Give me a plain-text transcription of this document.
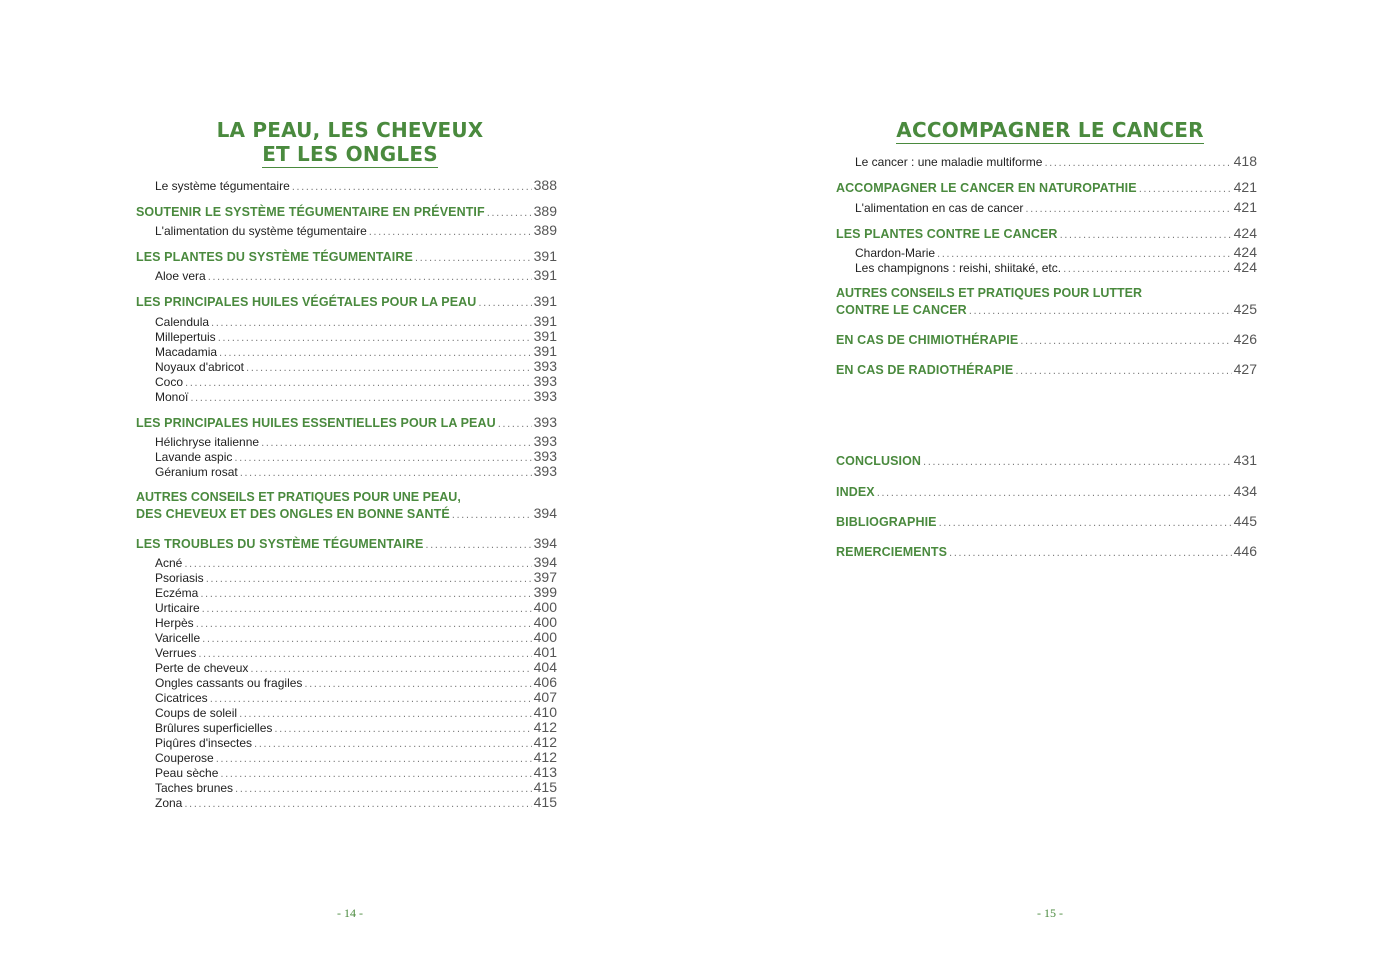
LA PEAU, LES CHEVEUX
ET LES ONGLES
Le système tégumentaire .....	388
SOUTENIR LE SYSTÈME TÉGUMENTAIRE EN PRÉVENTIF .....	389
L'alimentation du système tégumentaire .....	389
LES PLANTES DU SYSTÈME TÉGUMENTAIRE .....	391
Aloe vera .....	391
LES PRINCIPALES HUILES VÉGÉTALES POUR LA PEAU .....	391
Calendula .....	391
Millepertuis .....	391
Macadamia .....	391
Noyaux d'abricot .....	393
Coco .....	393
Monoï .....	393
LES PRINCIPALES HUILES ESSENTIELLES POUR LA PEAU .....	393
Hélichryse italienne .....	393
Lavande aspic .....	393
Géranium rosat .....	393
AUTRES CONSEILS ET PRATIQUES POUR UNE PEAU,
DES CHEVEUX ET DES ONGLES EN BONNE SANTÉ .....	394
LES TROUBLES DU SYSTÈME TÉGUMENTAIRE .....	394
Acné .....	394
Psoriasis .....	397
Eczéma .....	399
Urticaire .....	400
Herpès .....	400
Varicelle .....	400
Verrues .....	401
Perte de cheveux .....	404
Ongles cassants ou fragiles .....	406
Cicatrices .....	407
Coups de soleil .....	410
Brûlures superficielles .....	412
Piqûres d'insectes .....	412
Couperose .....	412
Peau sèche .....	413
Taches brunes .....	415
Zona .....	415
- 14 -
ACCOMPAGNER LE CANCER
Le cancer : une maladie multiforme .....	418
ACCOMPAGNER LE CANCER EN NATUROPATHIE .....	421
L'alimentation en cas de cancer .....	421
LES PLANTES CONTRE LE CANCER .....	424
Chardon-Marie .....	424
Les champignons : reishi, shiitaké, etc. .....	424
AUTRES CONSEILS ET PRATIQUES POUR LUTTER
CONTRE LE CANCER .....	425
EN CAS DE CHIMIOTHÉRAPIE .....	426
EN CAS DE RADIOTHÉRAPIE .....	427
CONCLUSION .....	431
INDEX .....	434
BIBLIOGRAPHIE .....	445
REMERCIEMENTS .....	446
- 15 -
